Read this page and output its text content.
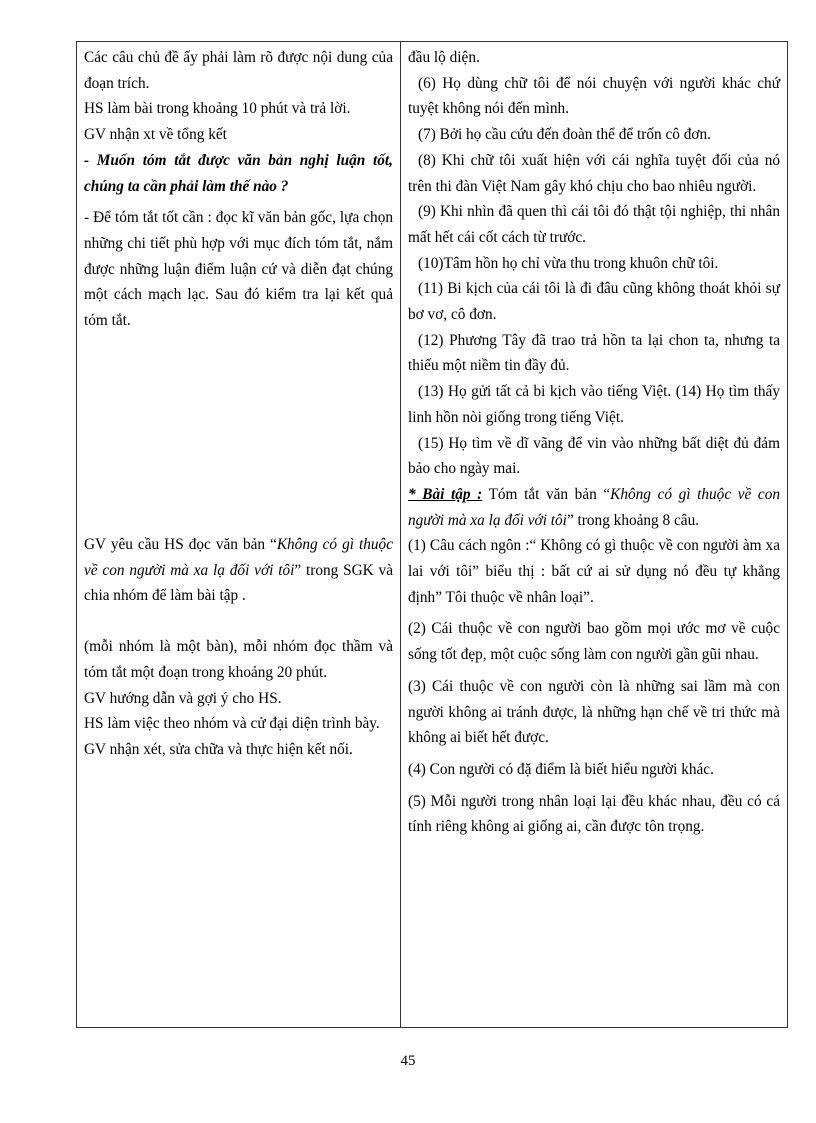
Các câu chủ đề ấy phải làm rõ được nội dung của đoạn trích.

HS làm bài trong khoảng 10 phút và trả lời.

GV nhận xt về tổng kết

- Muốn tóm tắt được văn bản nghị luận tốt, chúng ta cần phải làm thế nào ?

- Để tóm tắt tốt cần : đọc kĩ văn bản gốc, lựa chọn những chi tiết phù hợp với mục đích tóm tắt, nắm được những luận điểm luận cứ và diễn đạt chúng một cách mạch lạc. Sau đó kiểm tra lại kết quả tóm tắt.

GV yêu cầu HS đọc văn bản “Không có gì thuộc về con người mà xa lạ đối với tôi” trong SGK và chia nhóm để làm bài tập .

(mỗi nhóm là một bàn), mỗi nhóm đọc thầm và tóm tắt một đoạn trong khoảng 20 phút.

GV hướng dẫn và gợi ý cho HS.

HS làm việc theo nhóm và cử đại diện trình bày.

GV nhận xét, sửa chữa và thực hiện kết nối.

đầu lộ diện.

(6) Họ dùng chữ tôi để nói chuyện với người khác chứ tuyệt không nói đến mình.

(7) Bởi họ cầu cứu đến đoàn thể để trốn cô đơn.

(8) Khi chữ tôi xuất hiện với cái nghĩa tuyệt đối của nó trên thi đàn Việt Nam gây khó chịu cho bao nhiêu người.

(9) Khi nhìn đã quen thì cái tôi đó thật tội nghiệp, thi nhân mất hết cái cốt cách từ trước.

(10)Tâm hồn họ chỉ vừa thu trong khuôn chữ tôi.

(11) Bi kịch của cái tôi là đi đâu cũng không thoát khỏi sự bơ vơ, cô đơn.

(12) Phương Tây đã trao trả hồn ta lại chon ta, nhưng ta thiếu một niềm tin đầy đủ.

(13) Họ gửi tất cả bi kịch vào tiếng Việt. (14) Họ tìm thấy linh hồn nòi giống trong tiếng Việt.

(15) Họ tìm về dĩ vãng để vin vào những bất diệt đủ đảm bảo cho ngày mai.

* Bài tập : Tóm tắt văn bản “Không có gì thuộc về con người mà xa lạ đối với tôi” trong khoảng 8 câu.

(1) Câu cách ngôn :“ Không có gì thuộc về con người àm xa lai với tôi” biểu thị : bất cứ ai sử dụng nó đều tự khẳng định” Tôi thuộc về nhân loại”.

(2) Cái thuộc về con người bao gồm mọi ước mơ về cuộc sống tốt đẹp, một cuộc sống làm con người gần gũi nhau.

(3) Cái thuộc về con người còn là những sai lầm mà con người không ai tránh được, là những hạn chế về tri thức mà không ai biết hết được.

(4) Con người có đặ điểm là biết hiểu người khác.

(5) Mỗi người trong nhân loại lại đều khác nhau, đều có cá tính riêng không ai giống ai, cần được tôn trọng.

45
